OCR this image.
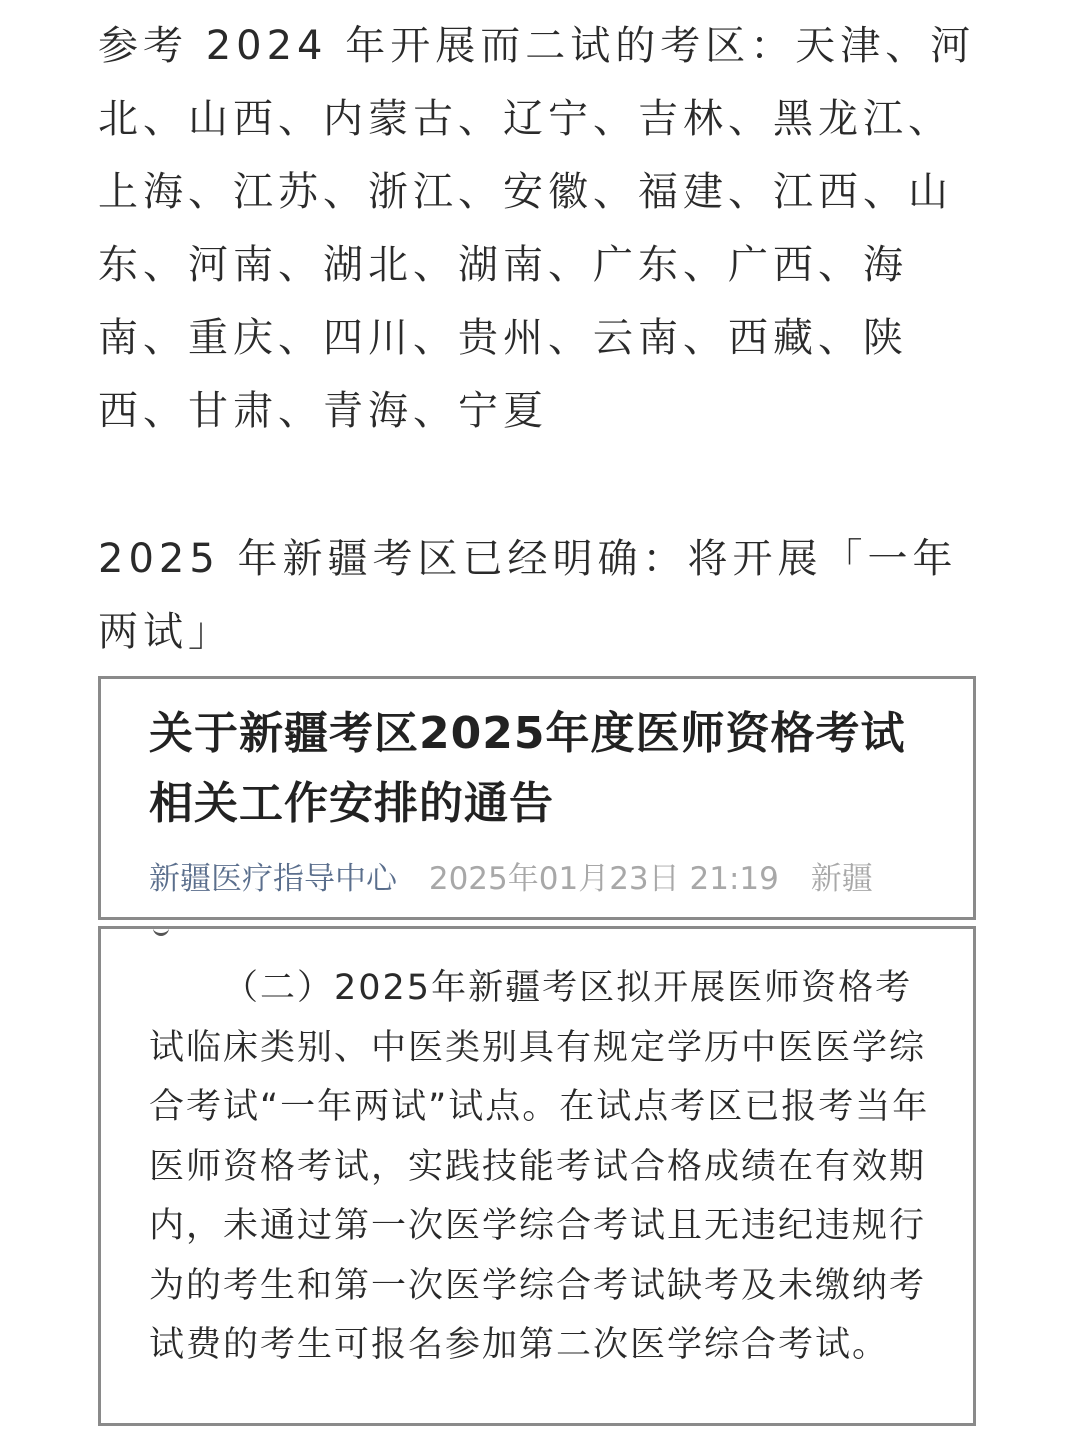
参考 2024 年开展而二试的考区：天津、河北、山西、内蒙古、辽宁、吉林、黑龙江、上海、江苏、浙江、安徽、福建、江西、山东、河南、湖北、湖南、广东、广西、海南、重庆、四川、贵州、云南、西藏、陕西、甘肃、青海、宁夏

2025 年新疆考区已经明确：将开展「一年两试」

关于新疆考区2025年度医师资格考试相关工作安排的通告
新疆医疗指导中心 2025年01月23日 21:19 新疆

（二）2025年新疆考区拟开展医师资格考试临床类别、中医类别具有规定学历中医医学综合考试“一年两试”试点。在试点考区已报考当年医师资格考试，实践技能考试合格成绩在有效期内，未通过第一次医学综合考试且无违纪违规行为的考生和第一次医学综合考试缺考及未缴纳考试费的考生可报名参加第二次医学综合考试。
